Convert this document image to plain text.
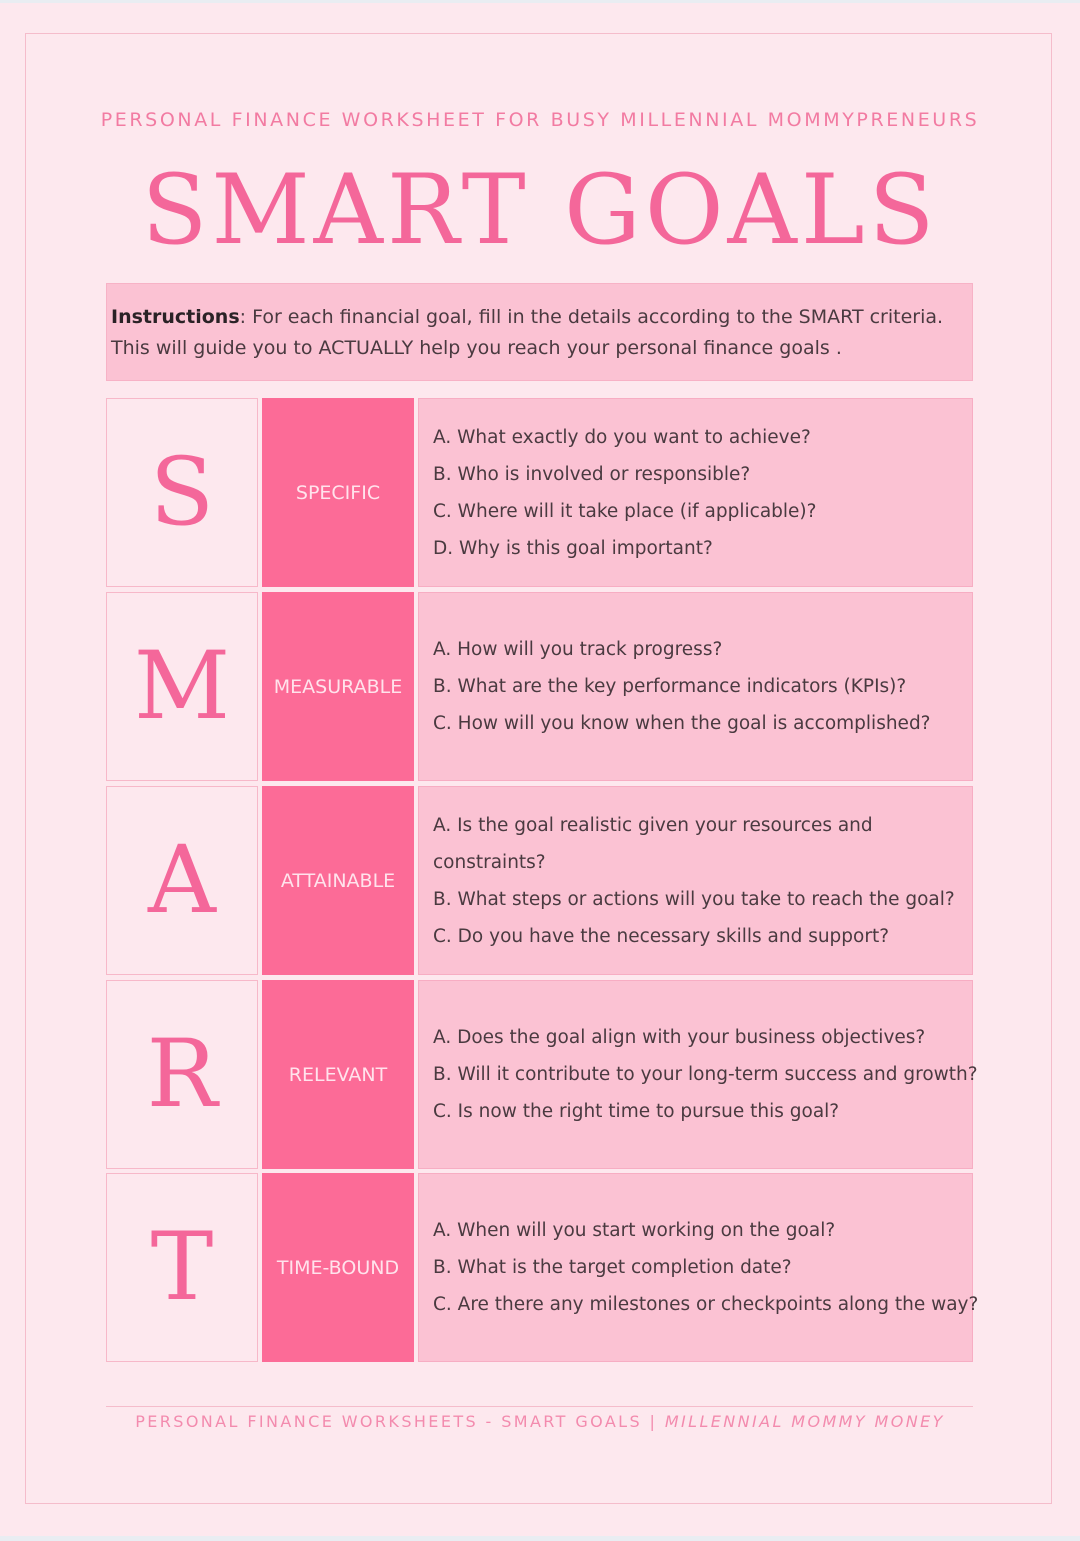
PERSONAL FINANCE WORKSHEET FOR BUSY MILLENNIAL MOMMYPRENEURS
SMART GOALS
Instructions: For each financial goal, fill in the details according to the SMART criteria.
This will guide you to ACTUALLY help you reach your personal finance goals .
S	SPECIFIC
A. What exactly do you want to achieve?
B. Who is involved or responsible?
C. Where will it take place (if applicable)?
D. Why is this goal important?
M	MEASURABLE
A. How will you track progress?
B. What are the key performance indicators (KPIs)?
C. How will you know when the goal is accomplished?
A	ATTAINABLE
A. Is the goal realistic given your resources and
constraints?
B. What steps or actions will you take to reach the goal?
C. Do you have the necessary skills and support?
R	RELEVANT
A. Does the goal align with your business objectives?
B. Will it contribute to your long-term success and growth?
C. Is now the right time to pursue this goal?
T	TIME-BOUND
A. When will you start working on the goal?
B. What is the target completion date?
C. Are there any milestones or checkpoints along the way?
PERSONAL FINANCE WORKSHEETS - SMART GOALS | MILLENNIAL MOMMY MONEY
